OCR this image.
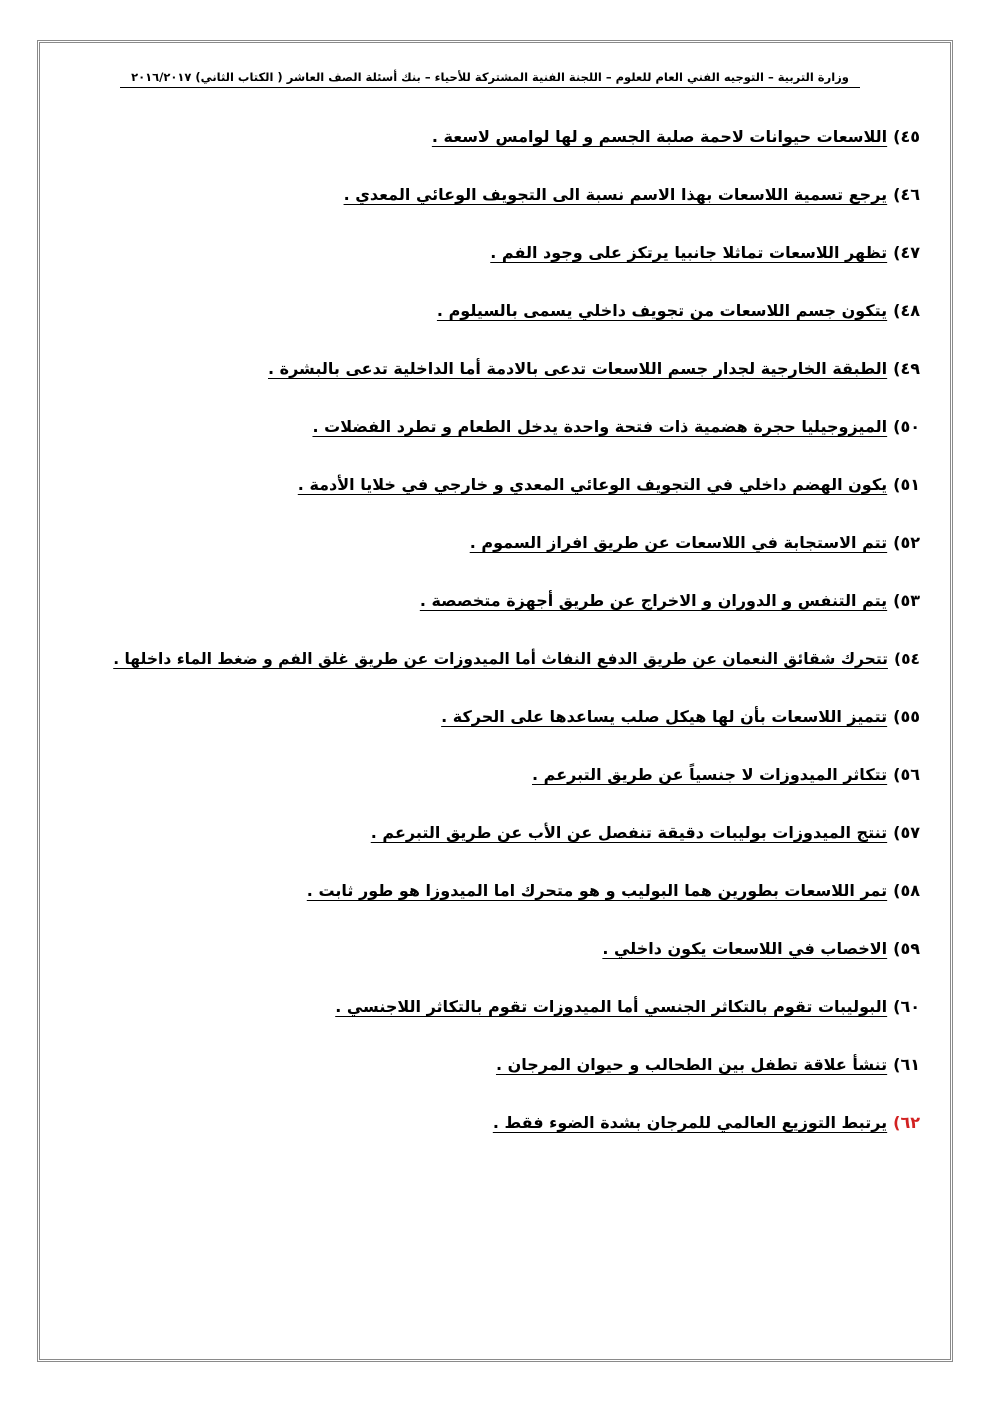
وزارة التربية – التوجيه الفني العام للعلوم – اللجنة الفنية المشتركة للأحياء – بنك أسئلة الصف العاشر ( الكتاب الثاني) ٢٠١٦/٢٠١٧
٤٥)
اللاسعات حيوانات لاحمة صلبة الجسم و لها لوامس لاسعة .
٤٦)
يرجع تسمية اللاسعات بهذا الاسم نسبة الى التجويف الوعائي المعدي .
٤٧)
تظهر اللاسعات تماثلا جانبيا يرتكز على وجود الفم .
٤٨)
يتكون جسم اللاسعات من تجويف داخلي يسمى بالسيلوم .
٤٩)
الطبقة الخارجية لجدار جسم اللاسعات تدعى بالادمة أما الداخلية تدعى بالبشرة .
٥٠)
الميزوجيليا حجرة هضمية ذات فتحة واحدة يدخل الطعام و تطرد الفضلات .
٥١)
يكون الهضم داخلي في التجويف الوعائي المعدي و خارجي في خلايا الأدمة .
٥٢)
تتم الاستجابة في اللاسعات عن طريق افراز السموم .
٥٣)
يتم التنفس و الدوران و الاخراج عن طريق أجهزة متخصصة .
٥٤)
تتحرك شقائق النعمان عن طريق الدفع النفاث أما الميدوزات عن طريق غلق الفم و ضغط الماء داخلها .
٥٥)
تتميز اللاسعات بأن لها هيكل صلب يساعدها على الحركة .
٥٦)
تتكاثر الميدوزات لا جنسياً عن طريق التبرعم .
٥٧)
تنتج الميدوزات بوليبات دقيقة تنفصل عن الأب عن طريق التبرعم .
٥٨)
تمر اللاسعات بطورين هما البوليب و هو متحرك اما الميدوزا هو طور ثابت .
٥٩)
الاخصاب في اللاسعات يكون داخلي .
٦٠)
البوليبات تقوم بالتكاثر الجنسي أما الميدوزات تقوم بالتكاثر اللاجنسي .
٦١)
تنشأ علاقة تطفل بين الطحالب و حيوان المرجان .
٦٢)
يرتبط التوزيع العالمي للمرجان بشدة الضوء فقط .
